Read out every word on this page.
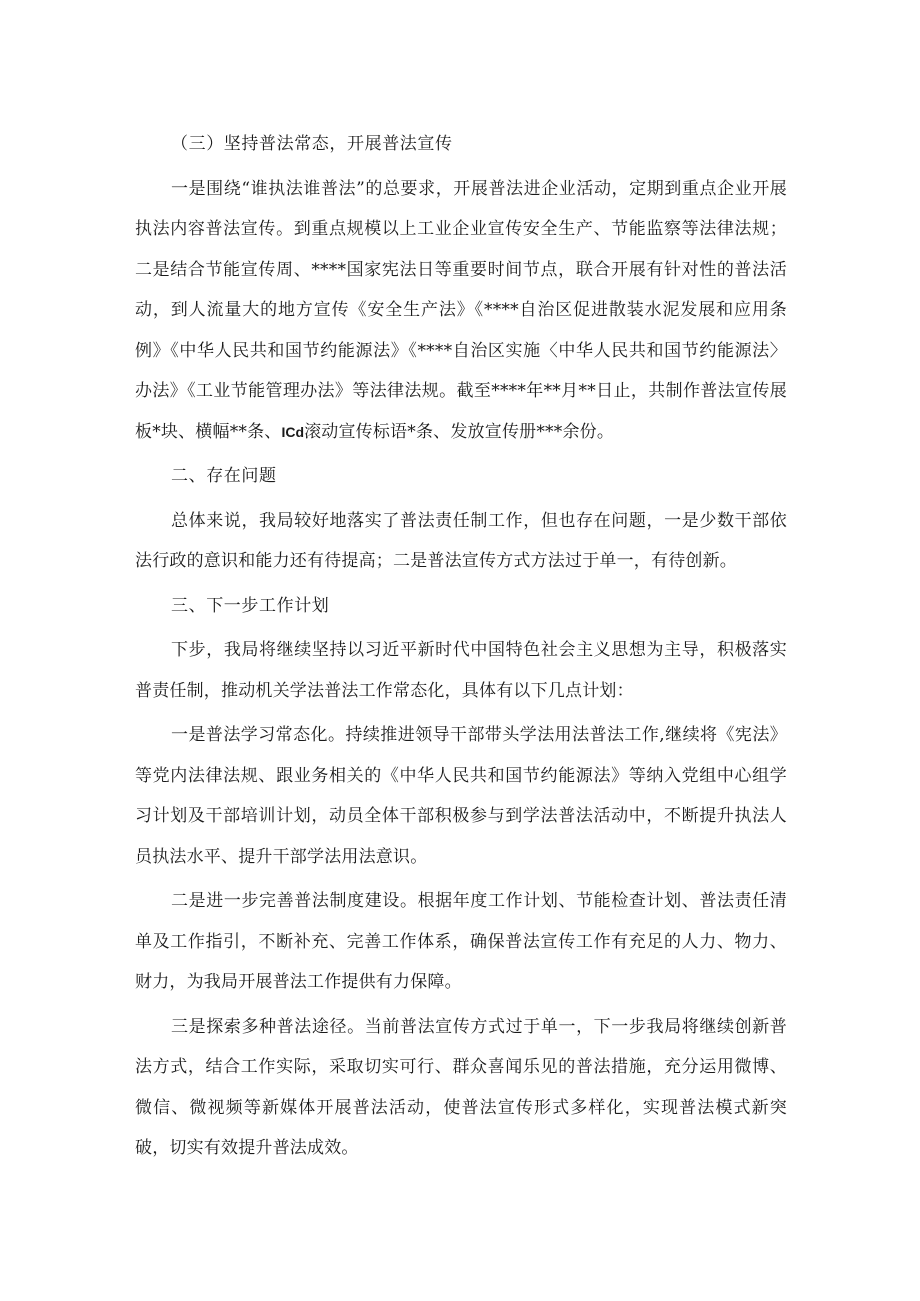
（三）坚持普法常态，开展普法宣传

一是围绕“谁执法谁普法”的总要求，开展普法进企业活动，定期到重点企业开展执法内容普法宣传。到重点规模以上工业企业宣传安全生产、节能监察等法律法规；二是结合节能宣传周、****国家宪法日等重要时间节点，联合开展有针对性的普法活动，到人流量大的地方宣传《安全生产法》《****自治区促进散装水泥发展和应用条例》《中华人民共和国节约能源法》《****自治区实施〈中华人民共和国节约能源法〉办法》《工业节能管理办法》等法律法规。截至****年**月**日止，共制作普法宣传展板*块、横幅**条、ICd滚动宣传标语*条、发放宣传册***余份。

二、存在问题

总体来说，我局较好地落实了普法责任制工作，但也存在问题，一是少数干部依法行政的意识和能力还有待提高；二是普法宣传方式方法过于单一，有待创新。

三、下一步工作计划

下步，我局将继续坚持以习近平新时代中国特色社会主义思想为主导，积极落实普责任制，推动机关学法普法工作常态化，具体有以下几点计划：

一是普法学习常态化。持续推进领导干部带头学法用法普法工作,继续将《宪法》等党内法律法规、跟业务相关的《中华人民共和国节约能源法》等纳入党组中心组学习计划及干部培训计划，动员全体干部积极参与到学法普法活动中，不断提升执法人员执法水平、提升干部学法用法意识。

二是进一步完善普法制度建设。根据年度工作计划、节能检查计划、普法责任清单及工作指引，不断补充、完善工作体系，确保普法宣传工作有充足的人力、物力、财力，为我局开展普法工作提供有力保障。

三是探索多种普法途径。当前普法宣传方式过于单一，下一步我局将继续创新普法方式，结合工作实际，采取切实可行、群众喜闻乐见的普法措施，充分运用微博、微信、微视频等新媒体开展普法活动，使普法宣传形式多样化，实现普法模式新突破，切实有效提升普法成效。
